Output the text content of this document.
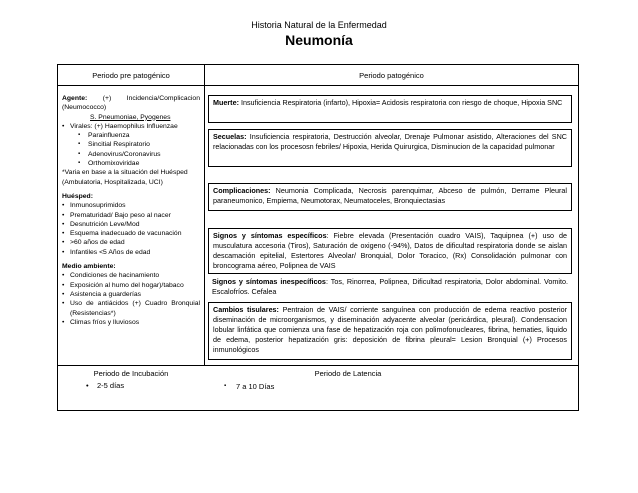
Historia Natural de la Enfermedad
Neumonía
Periodo pre patogénico	Periodo patogénico

Agente: (+) Incidencia/Complicacion (Neumococco)

S. Pneumoniae, Pyogenes

• Virales: (+) Haemophilus Influenzae

▪ Parainfluenza

▪ Sincitial Respiratorio

▪ Adenovirus/Coronavirus

▪ Orthomixoviridae

*Varia en base a la situación del Huésped (Ambulatoria, Hospitalizada, UCI)

Huésped:

• Inmunosuprimidos

• Prematuridad/ Bajo peso al nacer

• Desnutrición Leve/Mod

• Esquema inadecuado de vacunación

• >60 años de edad

• Infantiles <5 Años de edad

Medio ambiente:

• Condiciones de hacinamiento

• Exposición al humo del hogar)/tabaco

• Asistencia a guarderías

• Uso de antiácidos (+) Cuadro Bronquial (Resistencias*)

• Climas fríos y lluviosos

Muerte: Insuficiencia Respiratoria (infarto), Hipoxia= Acidosis respiratoria con riesgo de choque, Hipoxia SNC
Secuelas: Insuficiencia respiratoria, Destrucción alveolar, Drenaje Pulmonar asistido, Alteraciones del SNC relacionadas con los procesosn febriles/ Hipoxia, Herida Quirurgica, Disminucion de la capacidad pulmonar
Complicaciones: Neumonia Complicada, Necrosis parenquimar, Abceso de pulmón, Derrame Pleural paraneumonico, Empiema, Neumotorax, Neumatoceles, Bronquiectasias
Signos y síntomas específicos: Fiebre elevada (Presentación cuadro VAIS), Taquipnea (+) uso de musculatura accesoria (Tiros), Saturación de oxigeno (-94%), Datos de dificultad respiratoria donde se aislan descamación epitelial, Estertores Alveolar/ Bronquial, Dolor Toracico, (Rx) Consolidación pulmonar con broncograma aéreo, Polipnea de VAIS
Signos y síntomas inespecíficos: Tos, Rinorrea, Polipnea, Dificultad respiratoria, Dolor abdominal. Vomito. Escalofríos. Cefalea
Cambios tisulares: Pentraion de VAIS/ corriente sanguínea con producción de edema reactivo posterior diseminación de microorganismos, y diseminación adyacente alveolar (pericárdica, pleural). Condensacion lobular linfática que comienza una fase de hepatización roja con polimofonucleares, fibrina, hematies, liquido de edema, posterior hepatización gris: deposición de fibrina pleural= Lesion Bronquial (+) Procesos inmunológicos
Periodo de Incubación
• 2-5 días
Periodo de Latencia
▪ 7 a 10 Días
